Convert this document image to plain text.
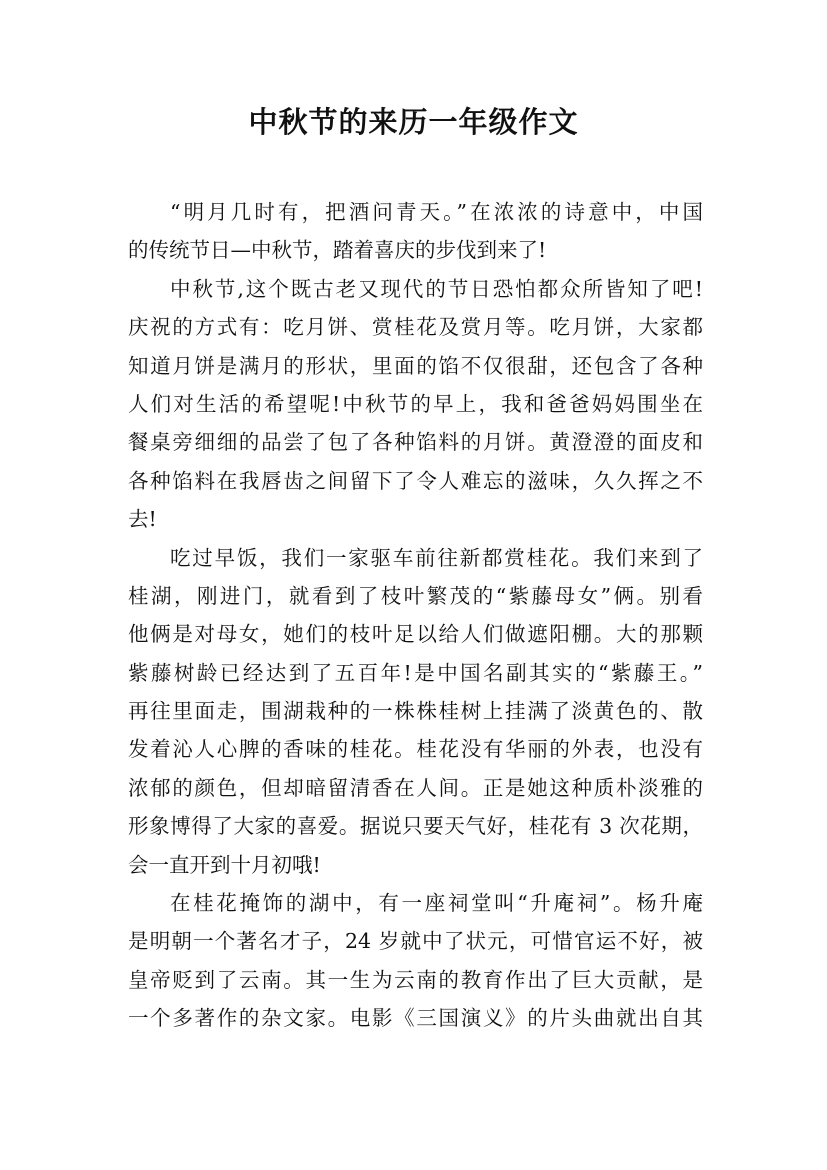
中秋节的来历一年级作文
“明月几时有，把酒问青天。”在浓浓的诗意中，中国
的传统节日—中秋节，踏着喜庆的步伐到来了!
中秋节,这个既古老又现代的节日恐怕都众所皆知了吧!
庆祝的方式有：吃月饼、赏桂花及赏月等。吃月饼，大家都
知道月饼是满月的形状，里面的馅不仅很甜，还包含了各种
人们对生活的希望呢!中秋节的早上，我和爸爸妈妈围坐在
餐桌旁细细的品尝了包了各种馅料的月饼。黄澄澄的面皮和
各种馅料在我唇齿之间留下了令人难忘的滋味，久久挥之不
去!
吃过早饭，我们一家驱车前往新都赏桂花。我们来到了
桂湖，刚进门，就看到了枝叶繁茂的“紫藤母女”俩。别看
他俩是对母女，她们的枝叶足以给人们做遮阳棚。大的那颗
紫藤树龄已经达到了五百年!是中国名副其实的“紫藤王。”
再往里面走，围湖栽种的一株株桂树上挂满了淡黄色的、散
发着沁人心脾的香味的桂花。桂花没有华丽的外表，也没有
浓郁的颜色，但却暗留清香在人间。正是她这种质朴淡雅的
形象博得了大家的喜爱。据说只要天气好，桂花有 3 次花期，
会一直开到十月初哦!
在桂花掩饰的湖中，有一座祠堂叫“升庵祠”。杨升庵
是明朝一个著名才子，24 岁就中了状元，可惜官运不好，被
皇帝贬到了云南。其一生为云南的教育作出了巨大贡献，是
一个多著作的杂文家。电影《三国演义》的片头曲就出自其
